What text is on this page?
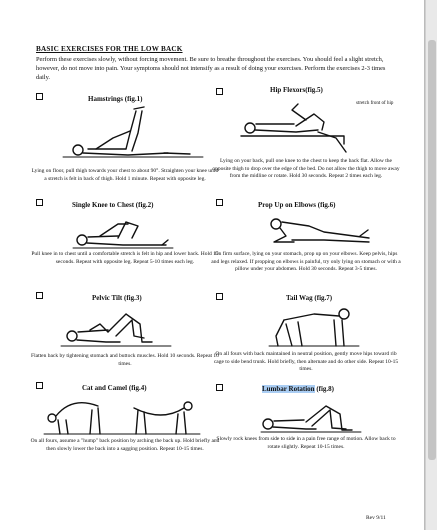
BASIC EXERCISES FOR THE LOW BACK
Perform these exercises slowly, without forcing movement. Be sure to breathe throughout the exercises. You should feel a slight stretch, however, do not move into pain. Your symptoms should not intensify as a result of doing your exercises. Perform the exercises 2-3 times daily.
Hamstrings (fig.1)
Lying on floor, pull thigh towards your chest to about 90°. Straighten your knee until a stretch is felt in back of thigh. Hold 1 minute. Repeat with opposite leg.
Hip Flexors(fig.5)
stretch front of hip
Lying on your back, pull one knee to the chest to keep the back flat. Allow the opposite thigh to drop over the edge of the bed. Do not allow the thigh to move away from the midline or rotate. Hold 30 seconds. Repeat 2 times each leg.
Single Knee to Chest (fig.2)
Pull knee in to chest until a comfortable stretch is felt in hip and lower back. Hold 15 seconds. Repeat with opposite leg. Repeat 5-10 times each leg.
Prop Up on Elbows (fig.6)
On firm surface, lying on your stomach, prop up on your elbows. Keep pelvis, hips and legs relaxed. If propping on elbows is painful, try only lying on stomach or with a pillow under your abdomen. Hold 30 seconds. Repeat 3-5 times.
Pelvic Tilt (fig.3)
Flatten back by tightening stomach and buttock muscles. Hold 10 seconds. Repeat 10 times.
Tail Wag (fig.7)
On all fours with back maintained in neutral position, gently move hips toward rib cage to side bend trunk. Hold briefly, then alternate and do other side. Repeat 10-15 times.
Cat and Camel (fig.4)
On all fours, assume a "hump" back position by arching the back up. Hold briefly and then slowly lower the back into a sagging position. Repeat 10-15 times.
Lumbar Rotation (fig.8)
Slowly rock knees from side to side in a pain free range of motion. Allow back to rotate slightly. Repeat 10-15 times.
Rev 9/11
